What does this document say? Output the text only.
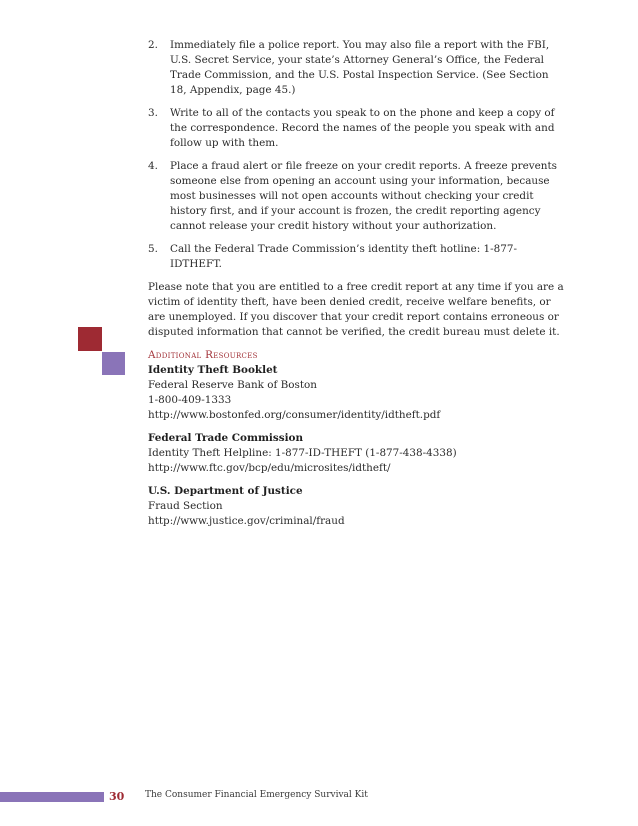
2. Immediately file a police report. You may also file a report with the FBI, U.S. Secret Service, your state’s Attorney General’s Office, the Federal Trade Commission, and the U.S. Postal Inspection Service. (See Section 18, Appendix, page 45.)
3. Write to all of the contacts you speak to on the phone and keep a copy of the correspondence. Record the names of the people you speak with and follow up with them.
4. Place a fraud alert or file freeze on your credit reports. A freeze prevents someone else from opening an account using your information, because most businesses will not open accounts without checking your credit history first, and if your account is frozen, the credit reporting agency cannot release your credit history without your authorization.
5. Call the Federal Trade Commission’s identity theft hotline: 1-877-IDTHEFT.

Please note that you are entitled to a free credit report at any time if you are a victim of identity theft, have been denied credit, receive welfare benefits, or are unemployed. If you discover that your credit report contains erroneous or disputed information that cannot be verified, the credit bureau must delete it.

Additional Resources
Identity Theft Booklet
Federal Reserve Bank of Boston
1-800-409-1333
http://www.bostonfed.org/consumer/identity/idtheft.pdf
Federal Trade Commission
Identity Theft Helpline: 1-877-ID-THEFT (1-877-438-4338)
http://www.ftc.gov/bcp/edu/microsites/idtheft/
U.S. Department of Justice
Fraud Section
http://www.justice.gov/criminal/fraud
30 The Consumer Financial Emergency Survival Kit
